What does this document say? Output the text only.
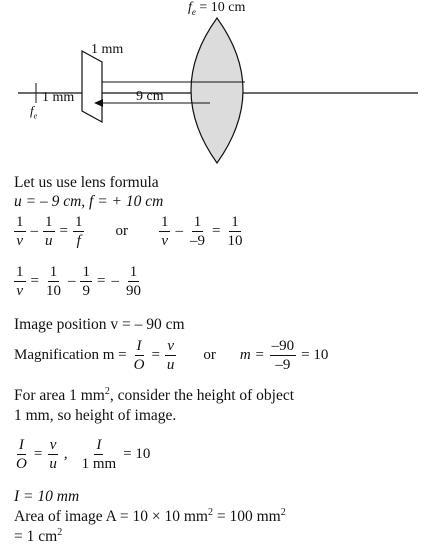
$f_e = 10$ cm
1 mm
1 mm	9 cm
$f_e$
Let us use lens formula
u = – 9 cm, f = + 10 cm
$\frac{1}{v} - \frac{1}{u} = \frac{1}{f}$ or $\frac{1}{v} - \frac{1}{-9} = \frac{1}{10}$
$\frac{1}{v} = \frac{1}{10} - \frac{1}{9}$ = – $\frac{1}{90}$
Image position v = – 90 cm
Magnification $m = \frac{I}{O} = \frac{v}{u}$ or $m = \frac{-90}{-9} = 10$
For area 1 $mm^2$, consider the height of object
1 mm, so height of image.
$\frac{I}{O} = \frac{v}{u}$ , $\frac{I}{1 mm} = 10$
I = 10 mm
Area of image A = 10 × 10 $mm^2 = 100$ $mm^2$
= 1 $cm^2$
